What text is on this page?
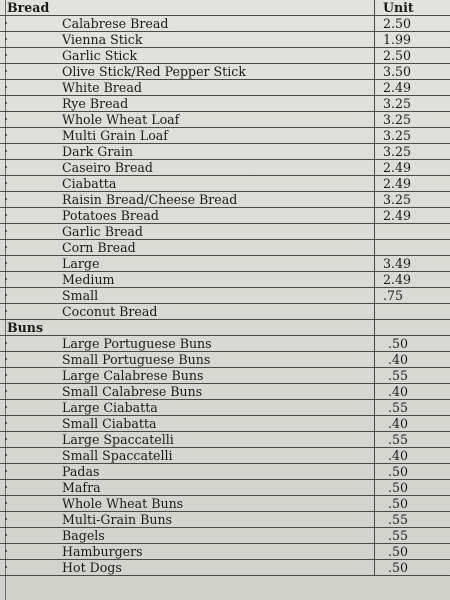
Bread	Unit
Calabrese Bread	2.50
Vienna Stick	1.99
Garlic Stick	2.50
Olive Stick/Red Pepper Stick	3.50
White Bread	2.49
Rye Bread	3.25
Whole Wheat Loaf	3.25
Multi Grain Loaf	3.25
Dark Grain	3.25
Caseiro Bread	2.49
Ciabatta	2.49
Raisin Bread/Cheese Bread	3.25
Potatoes Bread	2.49
Garlic Bread
Corn Bread
Large	3.49
Medium	2.49
Small	.75
Coconut Bread
Buns
Large Portuguese Buns	.50
Small Portuguese Buns	.40
Large Calabrese Buns	.55
Small Calabrese Buns	.40
Large Ciabatta	.55
Small Ciabatta	.40
Large Spaccatelli	.55
Small Spaccatelli	.40
Padas	.50
Mafra	.50
Whole Wheat Buns	.50
Multi-Grain Buns	.55
Bagels	.55
Hamburgers	.50
Hot Dogs	.50
